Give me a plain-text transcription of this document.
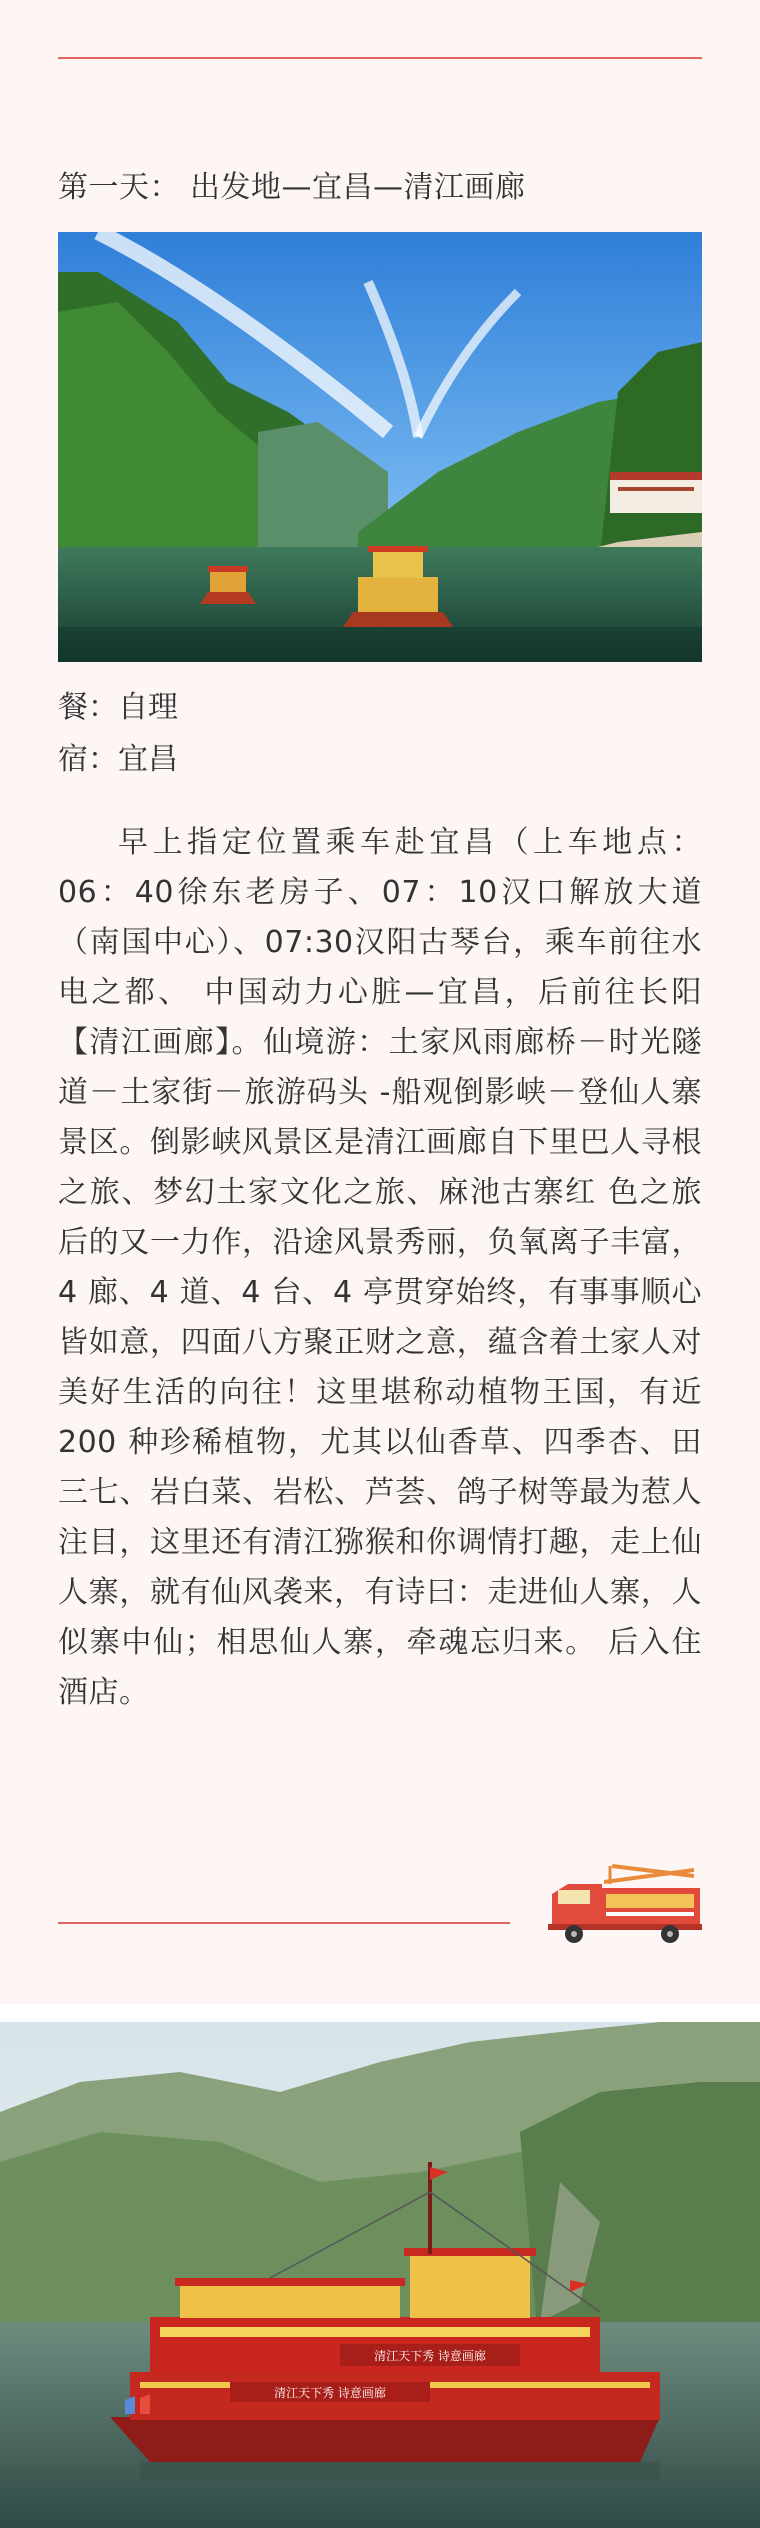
第一天： 出发地—宜昌—清江画廊
餐：自理
宿：宜昌

早上指定位置乘车赴宜昌（上车地点：06：40徐东老房子、07：10汉口解放大道（南国中心）、07:30汉阳古琴台，乘车前往水电之都、 中国动力心脏—宜昌，后前往长阳【清江画廊】。仙境游：土家风雨廊桥－时光隧道－土家街－旅游码头 -船观倒影峡－登仙人寨景区。倒影峡风景区是清江画廊自下里巴人寻根之旅、梦幻土家文化之旅、麻池古寨红 色之旅后的又一力作，沿途风景秀丽，负氧离子丰富，4 廊、4 道、4 台、4 亭贯穿始终，有事事顺心皆如意，四面八方聚正财之意，蕴含着土家人对美好生活的向往！这里堪称动植物王国，有近 200 种珍稀植物，尤其以仙香草、四季杏、田三七、岩白菜、岩松、芦荟、鸽子树等最为惹人注目，这里还有清江猕猴和你调情打趣，走上仙人寨，就有仙风袭来，有诗曰：走进仙人寨，人似寨中仙；相思仙人寨，牵魂忘归来。 后入住酒店。

清江天下秀 诗意画廊
清江天下秀 诗意画廊
